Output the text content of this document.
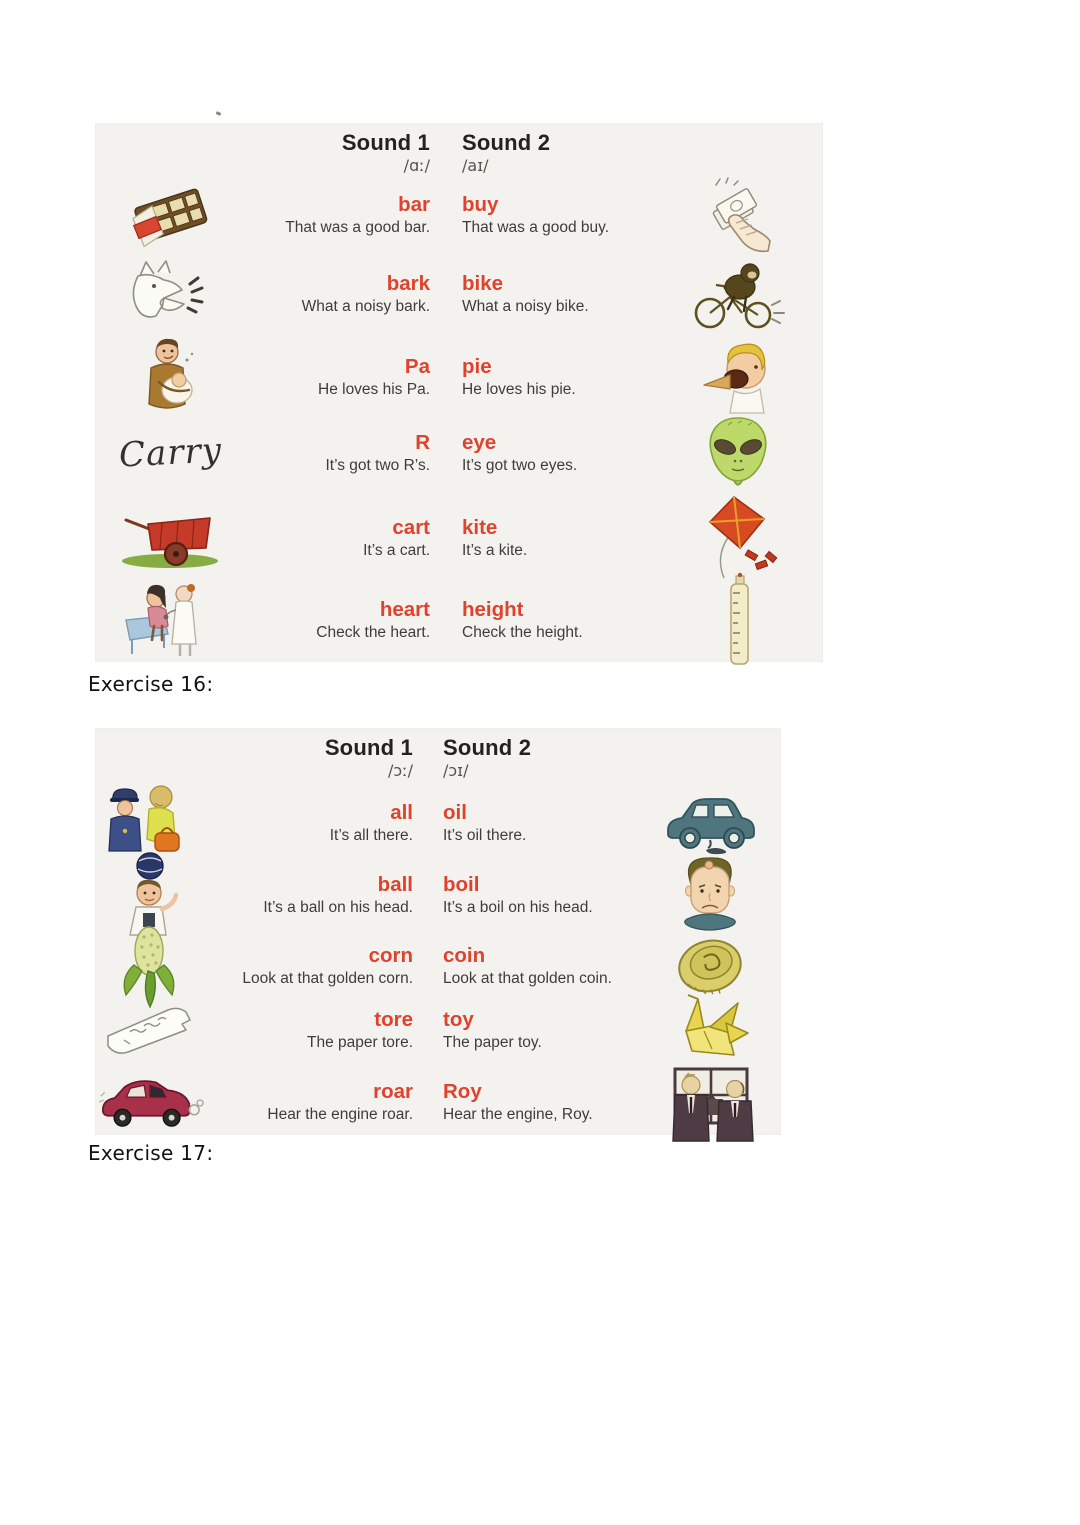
Sound 1 Sound 2
/ɑː/ /aɪ/
bar
That was a good bar.
buy
That was a good buy.
bark
What a noisy bark.
bike
What a noisy bike.
Pa
He loves his Pa.
pie
He loves his pie.
Carry	R
It’s got two R’s.
eye
It’s got two eyes.
cart
It’s a cart.
kite
It’s a kite.
heart
Check the heart.
height
Check the height.
Exercise 16:
Sound 1 Sound 2
/ɔː/ /ɔɪ/
all
It’s all there.
oil
It’s oil there.
ball
It’s a ball on his head.
boil
It’s a boil on his head.
corn
Look at that golden corn.
coin
Look at that golden coin.
tore
The paper tore.
toy
The paper toy.
roar
Hear the engine roar.
Roy
Hear the engine, Roy.
Exercise 17:
